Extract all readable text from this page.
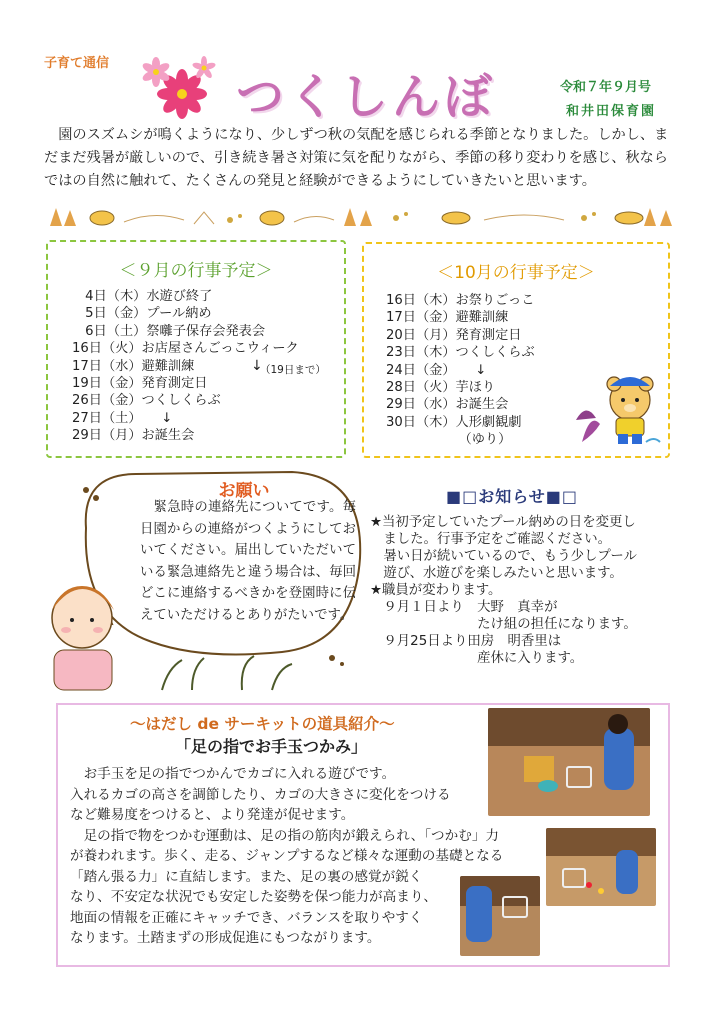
子育て通信
つくしんぼ	令和７年９月号
和井田保育園
　園のスズムシが鳴くようになり、少しずつ秋の気配を感じられる季節となりました。しかし、まだまだ残暑が厳しいので、引き続き暑さ対策に気を配りながら、季節の移り変わりを感じ、秋ならではの自然に触れて、たくさんの発見と経験ができるようにしていきたいと思います。
＜９月の行事予定＞
　4日（木）水遊び終了
　5日（金）プール納め
　6日（土）祭囃子保存会発表会
16日（火）お店屋さんごっこウィーク
17日（水）避難訓練
19日（金）発育測定日
26日（金）つくしくらぶ
27日（土）　　↓
29日（月）お誕生会
↓
（19日まで）
＜10月の行事予定＞
16日（木）お祭りごっこ
17日（金）避難訓練
20日（月）発育測定日
23日（木）つくしくらぶ
24日（金）　　↓
28日（火）芋ほり
29日（水）お誕生会
30日（木）人形劇観劇
　　　　　　（ゆり）
お願い
　緊急時の連絡先についてです。毎日園からの連絡がつくようにしておいてください。届出していただいている緊急連絡先と違う場合は、毎回どこに連絡するべきかを登園時に伝えていただけるとありがたいです。
■□お知らせ■□
★当初予定していたプール納めの日を変更し
　ました。行事予定をご確認ください。
　暑い日が続いているので、もう少しプール
　遊び、水遊びを楽しみたいと思います。
★職員が変わります。
　９月１日より　大野　真幸が
　　　　　　　　たけ組の担任になります。
　９月25日より田房　明香里は
　　　　　　　　産休に入ります。
～はだし de サーキットの道具紹介～
「足の指でお手玉つかみ」
　お手玉を足の指でつかんでカゴに入れる遊びです。
入れるカゴの高さを調節したり、カゴの大きさに変化をつける
など難易度をつけると、より発達が促せます。
　足の指で物をつかむ運動は、足の指の筋肉が鍛えられ、「つかむ」力
が養われます。歩く、走る、ジャンプするなど様々な運動の基礎となる
「踏ん張る力」に直結します。また、足の裏の感覚が鋭く
なり、不安定な状況でも安定した姿勢を保つ能力が高まり、
地面の情報を正確にキャッチでき、バランスを取りやすく
なります。土踏まずの形成促進にもつながります。
